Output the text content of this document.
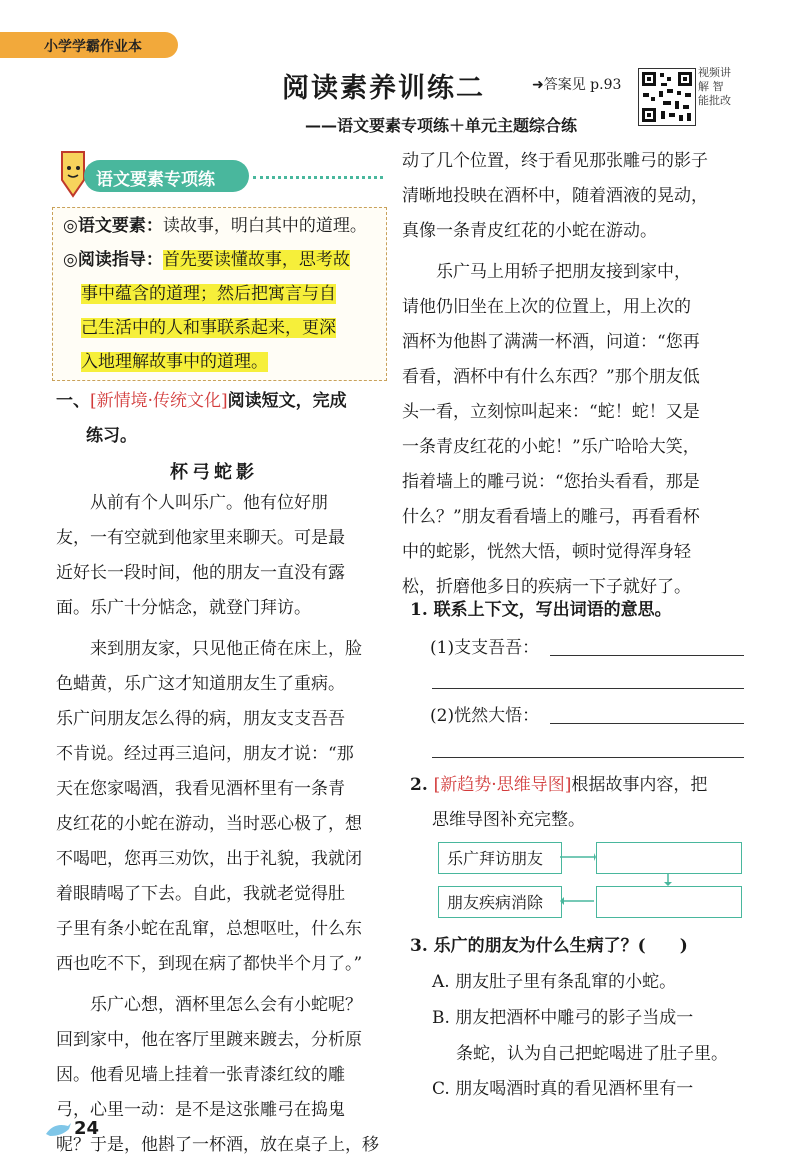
小学学霸作业本
阅读素养训练二
——语文要素专项练＋单元主题综合练
➜答案见 p.93
视频讲解 智能批改
语文要素专项练
◎语文要素：读故事，明白其中的道理。
◎阅读指导：首先要读懂故事，思考故
事中蕴含的道理；然后把寓言与自
己生活中的人和事联系起来，更深
入地理解故事中的道理。
一、[新情境·传统文化]阅读短文，完成
练习。
杯弓蛇影
从前有个人叫乐广。他有位好朋
友，一有空就到他家里来聊天。可是最
近好长一段时间，他的朋友一直没有露
面。乐广十分惦念，就登门拜访。
来到朋友家，只见他正倚在床上，脸
色蜡黄，乐广这才知道朋友生了重病。
乐广问朋友怎么得的病，朋友支支吾吾
不肯说。经过再三追问，朋友才说：“那
天在您家喝酒，我看见酒杯里有一条青
皮红花的小蛇在游动，当时恶心极了，想
不喝吧，您再三劝饮，出于礼貌，我就闭
着眼睛喝了下去。自此，我就老觉得肚
子里有条小蛇在乱窜，总想呕吐，什么东
西也吃不下，到现在病了都快半个月了。”
乐广心想，酒杯里怎么会有小蛇呢？
回到家中，他在客厅里踱来踱去，分析原
因。他看见墙上挂着一张青漆红纹的雕
弓，心里一动：是不是这张雕弓在捣鬼
呢？于是，他斟了一杯酒，放在桌子上，移
动了几个位置，终于看见那张雕弓的影子
清晰地投映在酒杯中，随着酒液的晃动，
真像一条青皮红花的小蛇在游动。
乐广马上用轿子把朋友接到家中，
请他仍旧坐在上次的位置上，用上次的
酒杯为他斟了满满一杯酒，问道：“您再
看看，酒杯中有什么东西？”那个朋友低
头一看，立刻惊叫起来：“蛇！蛇！又是
一条青皮红花的小蛇！”乐广哈哈大笑，
指着墙上的雕弓说：“您抬头看看，那是
什么？”朋友看看墙上的雕弓，再看看杯
中的蛇影，恍然大悟，顿时觉得浑身轻
松，折磨他多日的疾病一下子就好了。
1. 联系上下文，写出词语的意思。
(1)支支吾吾：
(2)恍然大悟：
2. [新趋势·思维导图]根据故事内容，把
思维导图补充完整。
乐广拜访朋友
朋友疾病消除
3. 乐广的朋友为什么生病了？(　　)
A. 朋友肚子里有条乱窜的小蛇。
B. 朋友把酒杯中雕弓的影子当成一
条蛇，认为自己把蛇喝进了肚子里。
C. 朋友喝酒时真的看见酒杯里有一
24
